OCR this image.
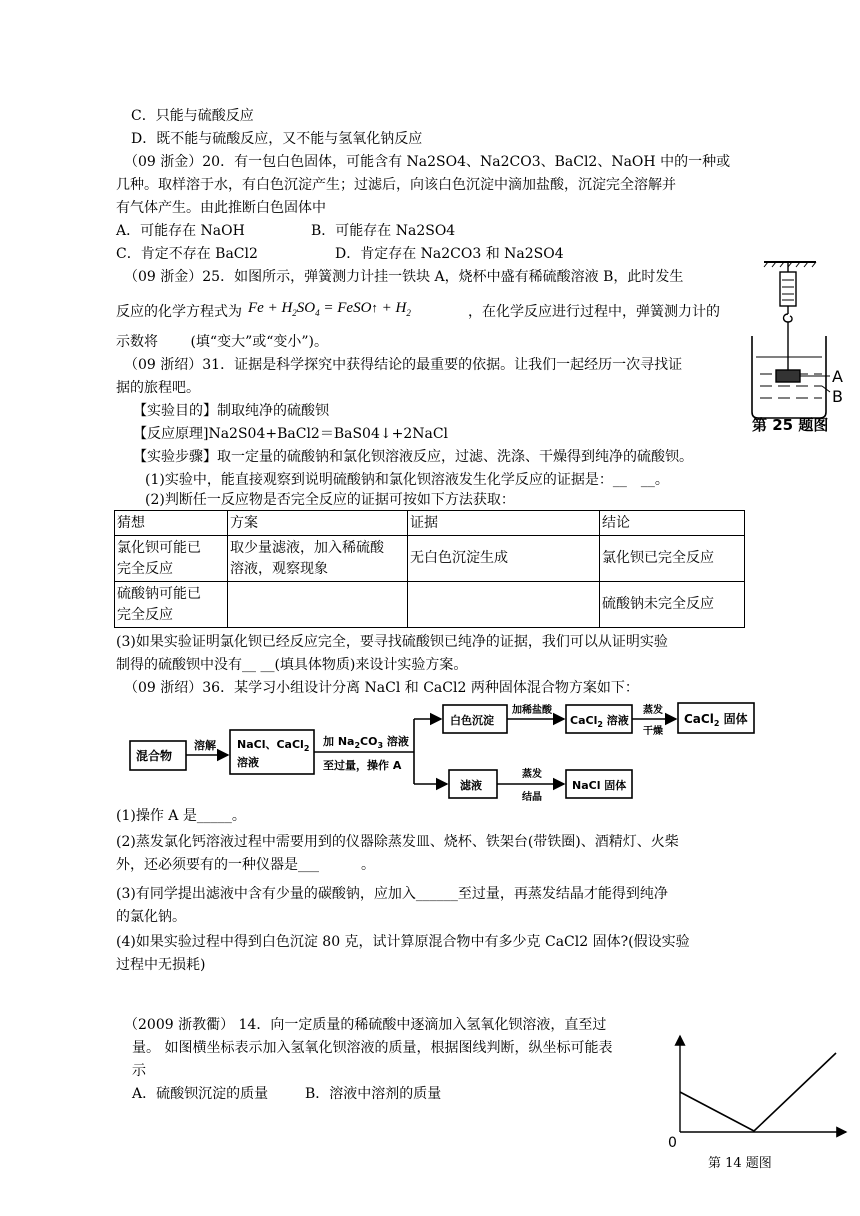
C．只能与硫酸反应
D．既不能与硫酸反应，又不能与氢氧化钠反应
（09 浙金）20．有一包白色固体，可能含有 Na2SO4、Na2CO3、BaCl2、NaOH 中的一种或
几种。取样溶于水，有白色沉淀产生；过滤后，向该白色沉淀中滴加盐酸，沉淀完全溶解并
有气体产生。由此推断白色固体中
A．可能存在 NaOH	B．可能存在 Na2SO4
C．肯定不存在 BaCl2	D．肯定存在 Na2CO3 和 Na2SO4
（09 浙金）25．如图所示，弹簧测力计挂一铁块 A，烧杯中盛有稀硫酸溶液 B，此时发生
反应的化学方程式为 $Fe + H_2SO_4$ = FeSO↑ + $H_2$	，在化学反应进行过程中，弹簧测力计的
示数将　　 (填“变大”或“变小”)。
（09 浙绍）31．证据是科学探究中获得结论的最重要的依据。让我们一起经历一次寻找证
据的旅程吧。
【实验目的】制取纯净的硫酸钡
【反应原理]Na2S04+BaCl2＝BaS04↓+2NaCl
【实验步骤】取一定量的硫酸钠和氯化钡溶液反应，过滤、洗涤、干燥得到纯净的硫酸钡。
(1)实验中，能直接观察到说明硫酸钠和氯化钡溶液发生化学反应的证据是：__　__。
(2)判断任一反应物是否完全反应的证据可按如下方法获取：
猜想	方案	证据	结论
氯化钡可能已
完全反应	取少量滤液，加入稀硫酸
溶液，观察现象	无白色沉淀生成	氯化钡已完全反应
硫酸钠可能已
完全反应			硫酸钠未完全反应
(3)如果实验证明氯化钡已经反应完全，要寻找硫酸钡已纯净的证据，我们可以从证明实验
制得的硫酸钡中没有__ __(填具体物质)来设计实验方案。
（09 浙绍）36．某学习小组设计分离 NaCl 和 CaCl2 两种固体混合物方案如下：
混合物
溶解 NaCl、CaCl$_2$
溶液
加 $Na_2CO_3$ 溶液
至过量，操作 A
白色沉淀
加稀盐酸
CaCl$_2$ 溶液
蒸发
干燥
CaCl$_2$ 固体
滤液
蒸发
结晶
NaCl 固体
A
B
第 25 题图
0
(1)操作 A 是_____。
(2)蒸发氯化钙溶液过程中需要用到的仪器除蒸发皿、烧杯、铁架台(带铁圈)、酒精灯、火柴
外，还必须要有的一种仪器是___　　　。
(3)有同学提出滤液中含有少量的碳酸钠，应加入______至过量，再蒸发结晶才能得到纯净
的氯化钠。
(4)如果实验过程中得到白色沉淀 80 克，试计算原混合物中有多少克 CaCl2 固体?(假设实验
过程中无损耗)
（2009 浙教衢） 14．向一定质量的稀硫酸中逐滴加入氢氧化钡溶液，直至过
量。 如图横坐标表示加入氢氧化钡溶液的质量，根据图线判断，纵坐标可能表
示
A．硫酸钡沉淀的质量	B．溶液中溶剂的质量
第 14 题图
